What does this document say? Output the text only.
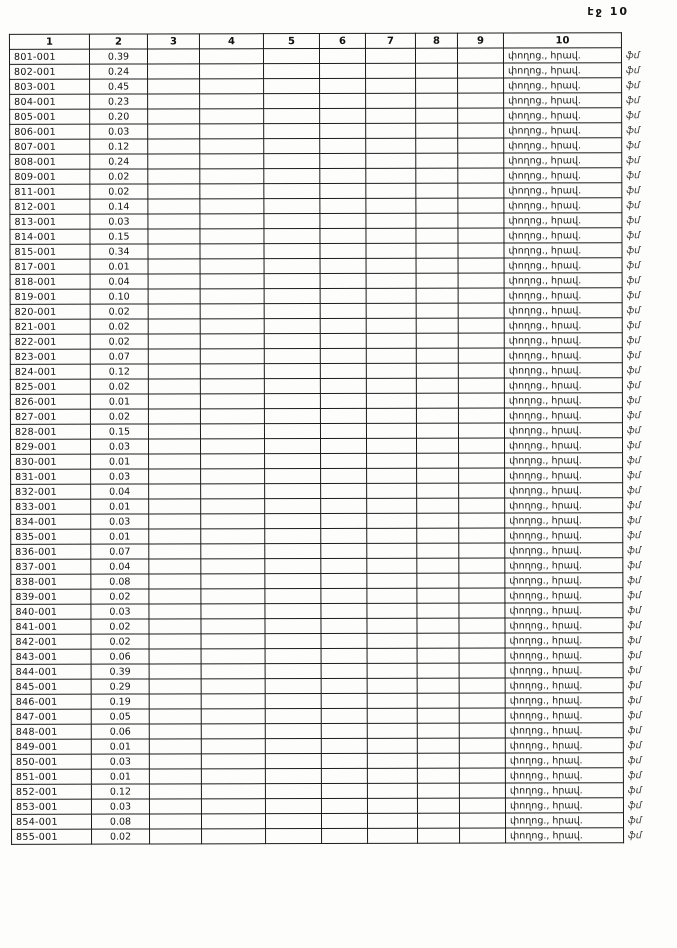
էջ 10
1	2	3	4	5	6	7	8	9	10	
801-001	0.39								փողոց., հրավ.	ֆմ
802-001	0.24								փողոց., հրավ.	ֆմ
803-001	0.45								փողոց., հրավ.	ֆմ
804-001	0.23								փողոց., հրավ.	ֆմ
805-001	0.20								փողոց., հրավ.	ֆմ
806-001	0.03								փողոց., հրավ.	ֆմ
807-001	0.12								փողոց., հրավ.	ֆմ
808-001	0.24								փողոց., հրավ.	ֆմ
809-001	0.02								փողոց., հրավ.	ֆմ
811-001	0.02								փողոց., հրավ.	ֆմ
812-001	0.14								փողոց., հրավ.	ֆմ
813-001	0.03								փողոց., հրավ.	ֆմ
814-001	0.15								փողոց., հրավ.	ֆմ
815-001	0.34								փողոց., հրավ.	ֆմ
817-001	0.01								փողոց., հրավ.	ֆմ
818-001	0.04								փողոց., հրավ.	ֆմ
819-001	0.10								փողոց., հրավ.	ֆմ
820-001	0.02								փողոց., հրավ.	ֆմ
821-001	0.02								փողոց., հրավ.	ֆմ
822-001	0.02								փողոց., հրավ.	ֆմ
823-001	0.07								փողոց., հրավ.	ֆմ
824-001	0.12								փողոց., հրավ.	ֆմ
825-001	0.02								փողոց., հրավ.	ֆմ
826-001	0.01								փողոց., հրավ.	ֆմ
827-001	0.02								փողոց., հրավ.	ֆմ
828-001	0.15								փողոց., հրավ.	ֆմ
829-001	0.03								փողոց., հրավ.	ֆմ
830-001	0.01								փողոց., հրավ.	ֆմ
831-001	0.03								փողոց., հրավ.	ֆմ
832-001	0.04								փողոց., հրավ.	ֆմ
833-001	0.01								փողոց., հրավ.	ֆմ
834-001	0.03								փողոց., հրավ.	ֆմ
835-001	0.01								փողոց., հրավ.	ֆմ
836-001	0.07								փողոց., հրավ.	ֆմ
837-001	0.04								փողոց., հրավ.	ֆմ
838-001	0.08								փողոց., հրավ.	ֆմ
839-001	0.02								փողոց., հրավ.	ֆմ
840-001	0.03								փողոց., հրավ.	ֆմ
841-001	0.02								փողոց., հրավ.	ֆմ
842-001	0.02								փողոց., հրավ.	ֆմ
843-001	0.06								փողոց., հրավ.	ֆմ
844-001	0.39								փողոց., հրավ.	ֆմ
845-001	0.29								փողոց., հրավ.	ֆմ
846-001	0.19								փողոց., հրավ.	ֆմ
847-001	0.05								փողոց., հրավ.	ֆմ
848-001	0.06								փողոց., հրավ.	ֆմ
849-001	0.01								փողոց., հրավ.	ֆմ
850-001	0.03								փողոց., հրավ.	ֆմ
851-001	0.01								փողոց., հրավ.	ֆմ
852-001	0.12								փողոց., հրավ.	ֆմ
853-001	0.03								փողոց., հրավ.	ֆմ
854-001	0.08								փողոց., հրավ.	ֆմ
855-001	0.02								փողոց., հրավ.	ֆմ
